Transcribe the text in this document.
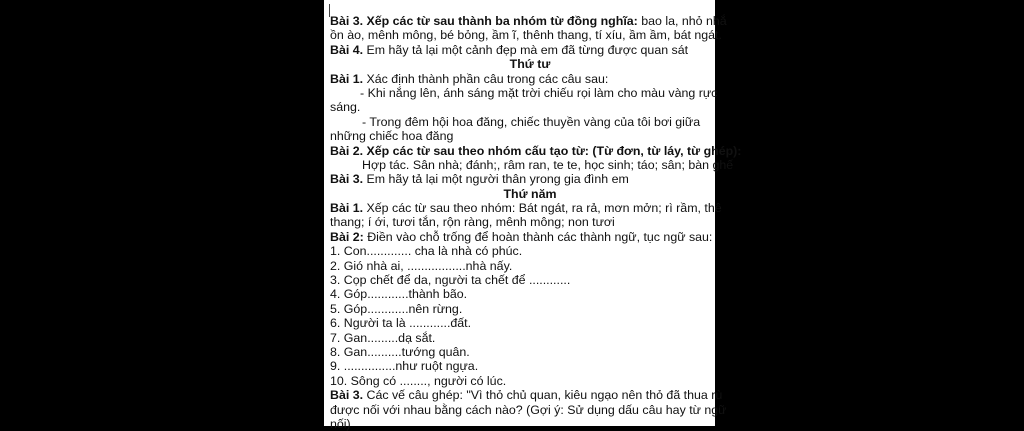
Bài 3. Xếp các từ sau thành ba nhóm từ đồng nghĩa: bao la, nhỏ nhắ
ồn ào, mênh mông, bé bỏng, ầm ĩ, thênh thang, tí xíu, ầm ầm, bát ngát.
Bài 4. Em hãy tả lại một cảnh đẹp mà em đã từng được quan sát
Thứ tư
Bài 1. Xác định thành phần câu trong các câu sau:
- Khi nắng lên, ánh sáng mặt trời chiếu rọi làm cho màu vàng rực
sáng.
- Trong đêm hội hoa đăng, chiếc thuyền vàng của tôi bơi giữa
những chiếc hoa đăng
Bài 2. Xếp các từ sau theo nhóm cấu tạo từ: (Từ đơn, từ láy, từ ghép):
Hợp tác. Sân nhà; đánh;, râm ran, te te, học sinh; táo; sân; bàn ghế
Bài 3. Em hãy tả lại một người thân yrong gia đình em
Thứ năm
Bài 1. Xếp các từ sau theo nhóm: Bát ngát, ra rả, mơn mởn; rì rầm, thê
thang; í ới, tươi tắn, rộn ràng, mênh mông; non tươi
Bài 2: Điền vào chỗ trống để hoàn thành các thành ngữ, tục ngữ sau:
1. Con............. cha là nhà có phúc.
2. Gió nhà ai, .................nhà nấy.
3. Cọp chết để da, người ta chết để ............
4. Góp............thành bão.
5. Góp............nên rừng.
6. Người ta là ............đất.
7. Gan.........dạ sắt.
8. Gan..........tướng quân.
9. ...............như ruột ngựa.
10. Sông có ........, người có lúc.
Bài 3. Các vế câu ghép: "Vì thỏ chủ quan, kiêu ngạo nên thỏ đã thua rù
được nối với nhau bằng cách nào? (Gợi ý: Sử dụng dấu câu hay từ ngữ
nối)
